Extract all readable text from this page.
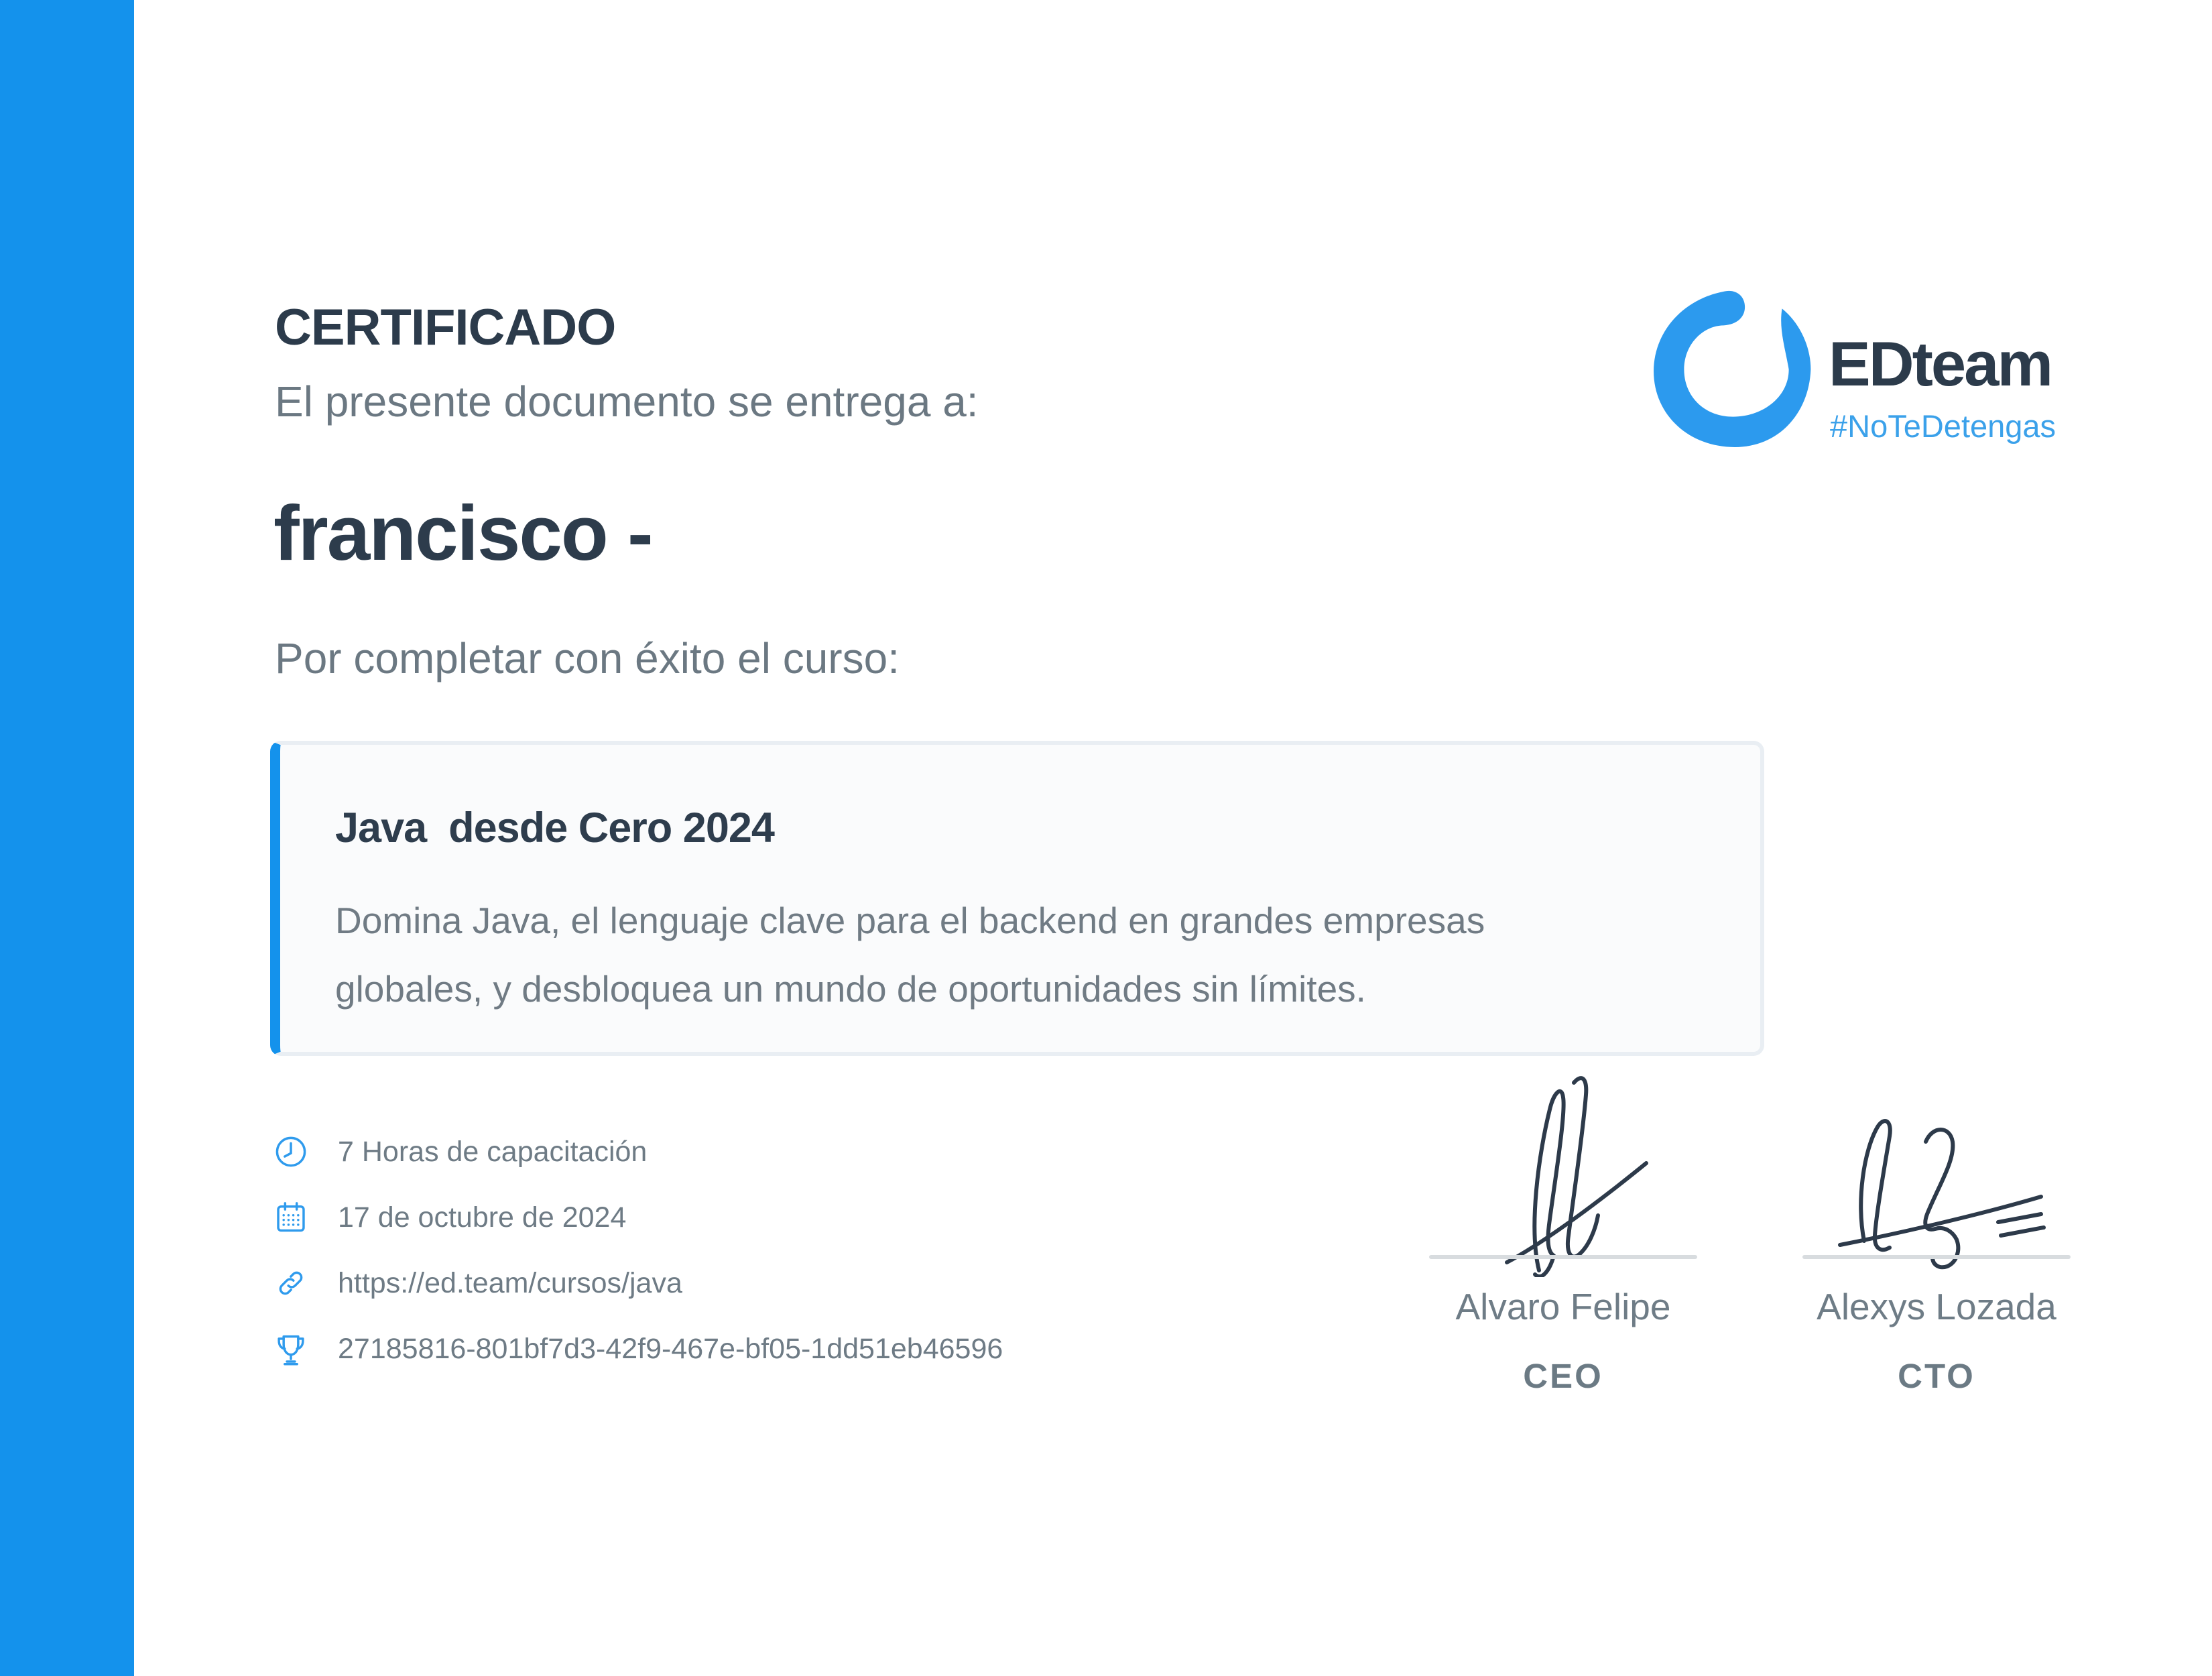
EDteam
#NoTeDetengas
CERTIFICADO
El presente documento se entrega a:
francisco -
Por completar con éxito el curso:
Java  desde Cero 2024

Domina Java, el lenguaje clave para el backend en grandes empresas globales, y desbloquea un mundo de oportunidades sin límites.

7 Horas de capacitación
17 de octubre de 2024
https://ed.team/cursos/java
27185816-801bf7d3-42f9-467e-bf05-1dd51eb46596
Alvaro Felipe
CEO
Alexys Lozada
CTO
